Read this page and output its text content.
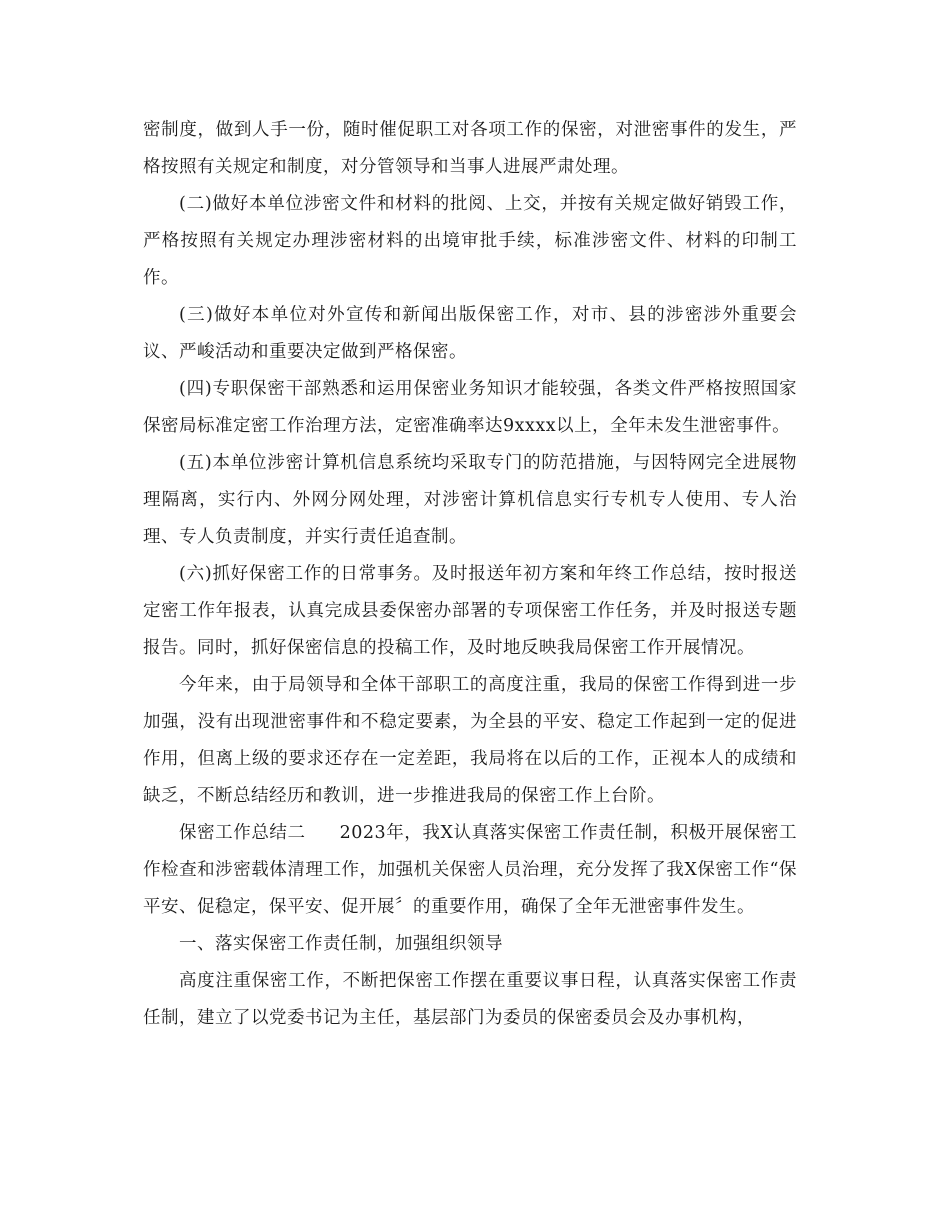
密制度，做到人手一份，随时催促职工对各项工作的保密，对泄密事件的发生，严格按照有关规定和制度，对分管领导和当事人进展严肃处理。

(二)做好本单位涉密文件和材料的批阅、上交，并按有关规定做好销毁工作，严格按照有关规定办理涉密材料的出境审批手续，标准涉密文件、材料的印制工作。

(三)做好本单位对外宣传和新闻出版保密工作，对市、县的涉密涉外重要会议、严峻活动和重要决定做到严格保密。

(四)专职保密干部熟悉和运用保密业务知识才能较强，各类文件严格按照国家保密局标准定密工作治理方法，定密准确率达9xxxx以上，全年未发生泄密事件。

(五)本单位涉密计算机信息系统均采取专门的防范措施，与因特网完全进展物理隔离，实行内、外网分网处理，对涉密计算机信息实行专机专人使用、专人治理、专人负责制度，并实行责任追查制。

(六)抓好保密工作的日常事务。及时报送年初方案和年终工作总结，按时报送定密工作年报表，认真完成县委保密办部署的专项保密工作任务，并及时报送专题报告。同时，抓好保密信息的投稿工作，及时地反映我局保密工作开展情况。

今年来，由于局领导和全体干部职工的高度注重，我局的保密工作得到进一步加强，没有出现泄密事件和不稳定要素，为全县的平安、稳定工作起到一定的促进作用，但离上级的要求还存在一定差距，我局将在以后的工作，正视本人的成绩和缺乏，不断总结经历和教训，进一步推进我局的保密工作上台阶。

保密工作总结二 2023年，我X认真落实保密工作责任制，积极开展保密工作检查和涉密载体清理工作，加强机关保密人员治理，充分发挥了我X保密工作“保平安、促稳定，保平安、促开展〞的重要作用，确保了全年无泄密事件发生。

一、落实保密工作责任制，加强组织领导

高度注重保密工作，不断把保密工作摆在重要议事日程，认真落实保密工作责任制，建立了以党委书记为主任，基层部门为委员的保密委员会及办事机构，
